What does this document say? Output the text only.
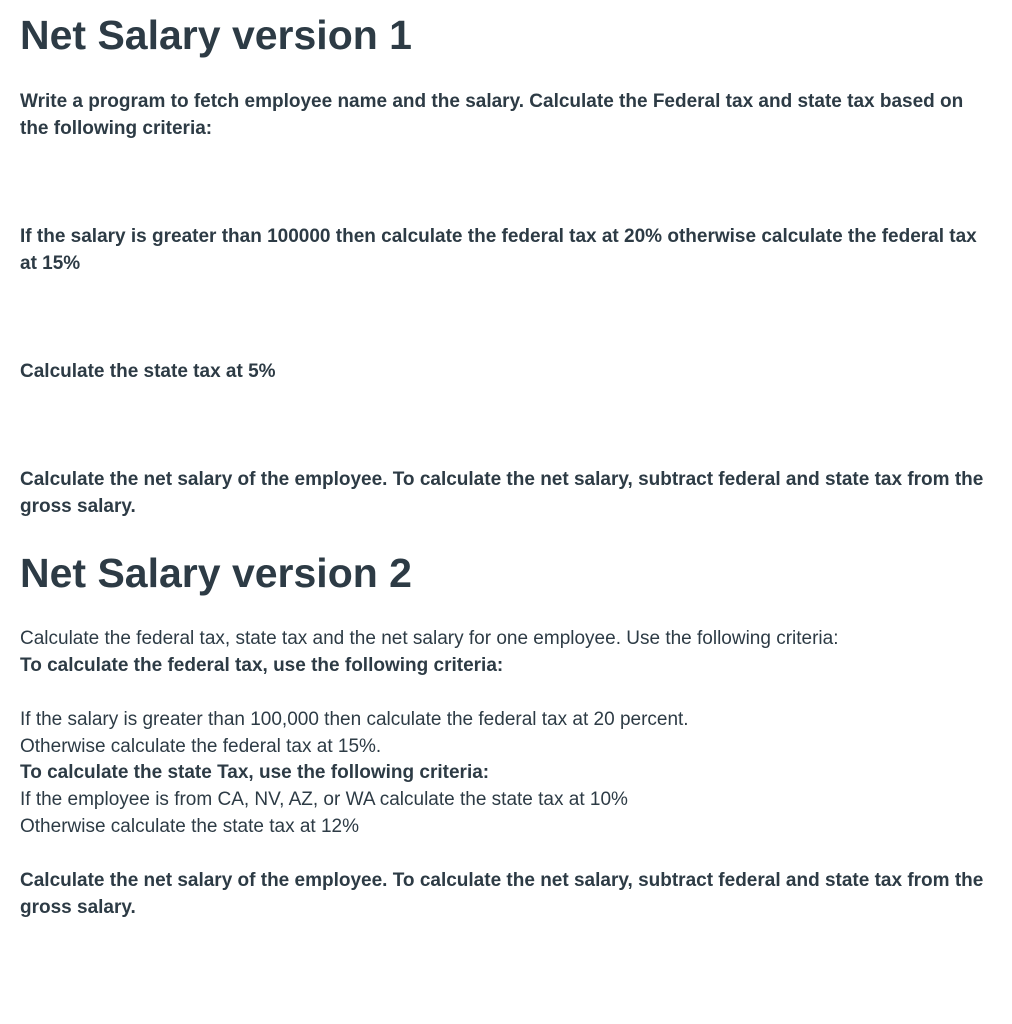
Net Salary version 1

Write a program to fetch employee name and the salary. Calculate the Federal tax and state tax based on the following criteria:

If the salary is greater than 100000 then calculate the federal tax at 20% otherwise calculate the federal tax at 15%

Calculate the state tax at 5%

Calculate the net salary of the employee. To calculate the net salary, subtract federal and state tax from the gross salary.

Net Salary version 2

Calculate the federal tax, state tax and the net salary for one employee. Use the following criteria:

To calculate the federal tax, use the following criteria:

If the salary is greater than 100,000 then calculate the federal tax at 20 percent.

Otherwise calculate the federal tax at 15%.

To calculate the state Tax, use the following criteria:

If the employee is from CA, NV, AZ, or WA calculate the state tax at 10%

Otherwise calculate the state tax at 12%

Calculate the net salary of the employee. To calculate the net salary, subtract federal and state tax from the gross salary.
